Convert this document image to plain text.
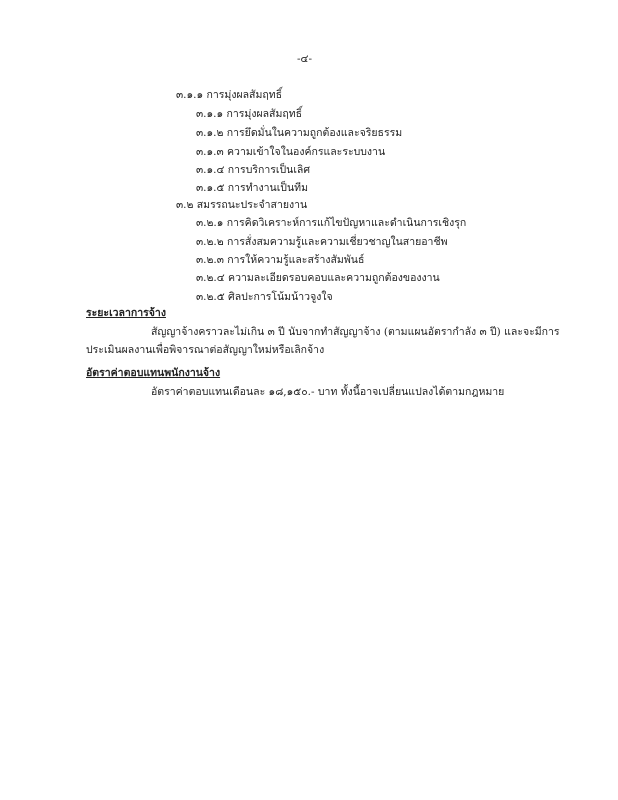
-๔-
๓.๑.๑ การมุ่งผลสัมฤทธิ์
๓.๑.๑ การมุ่งผลสัมฤทธิ์
๓.๑.๒ การยึดมั่นในความถูกต้องและจริยธรรม
๓.๑.๓ ความเข้าใจในองค์กรและระบบงาน
๓.๑.๔ การบริการเป็นเลิศ
๓.๑.๕ การทำงานเป็นทีม
๓.๒ สมรรถนะประจำสายงาน
๓.๒.๑ การคิดวิเคราะห์การแก้ไขปัญหาและดำเนินการเชิงรุก
๓.๒.๒ การสั่งสมความรู้และความเชี่ยวชาญในสายอาชีพ
๓.๒.๓ การให้ความรู้และสร้างสัมพันธ์
๓.๒.๔ ความละเอียดรอบคอบและความถูกต้องของงาน
๓.๒.๕ ศิลปะการโน้มน้าวจูงใจ
ระยะเวลาการจ้าง
สัญญาจ้างคราวละไม่เกิน ๓ ปี นับจากทำสัญญาจ้าง (ตามแผนอัตรากำลัง ๓ ปี) และจะมีการ
ประเมินผลงานเพื่อพิจารณาต่อสัญญาใหม่หรือเลิกจ้าง
อัตราค่าตอบแทนพนักงานจ้าง
อัตราค่าตอบแทนเดือนละ ๑๘,๑๕๐.- บาท ทั้งนี้อาจเปลี่ยนแปลงได้ตามกฎหมาย
